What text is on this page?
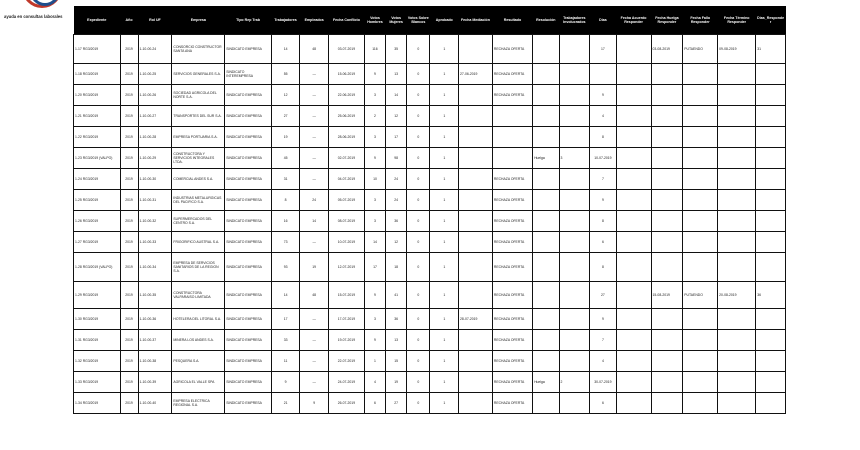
ayuda en consultas laborales
Expediente	Año	Rol UF	Empresa	Tipo Rep Trab	Trabajadores	Empleados	Fecha Conflicto	Votos Hombres	Votos Mujeres	Votos Sobre Blancos	Aprobado	Fecha Mediación	Resultado	Resolución	Trabajadores Involucrados	Días	Fecha Acuerdo Responder	Fecha Huelga Responder	Fecha Fallo Responder	Fecha Término Responder	Días_Responder
1-17 RG3/2019	2019	1-10-00-24	CONSORCIO CONSTRUCTOR SANTA ANA	SINDICATO EMPRESA	14	48	03-07-2019	116	35	0	1		RECHAZA OFERTA			17		03-08-2019	PUTAENDO	09-08-2019	31
1-18 RG3/2019	2019	1-10-00-25	SERVICIOS GENERALES S.A.	SINDICATO INTEREMPRESA	55	—	15-06-2019	9	13	0	1	27-06-2019	RECHAZA OFERTA								
1-20 RG3/2019	2019	1-10-00-26	SOCIEDAD AGRICOLA DEL NORTE S.A.	SINDICATO EMPRESA	12	—	22-06-2019	3	14	0	1		RECHAZA OFERTA			9					
1-21 RG3/2019	2019	1-10-00-27	TRANSPORTES DEL SUR S.A.	SINDICATO EMPRESA	27	—	25-06-2019	2	12	0	1					4					
1-22 RG3/2019	2019	1-10-00-28	EMPRESA PORTUARIA S.A.	SINDICATO EMPRESA	19	—	28-06-2019	3	17	0	1					8					
1-23 RG3/2019 (VALPO)	2019	1-10-00-29	CONSTRUCTORA Y SERVICIOS INTEGRALES LTDA.	SINDICATO EMPRESA	45	—	02-07-2019	9	98	0	1			Huelga	3	10-07-2019					
1-24 RG3/2019	2019	1-10-00-30	COMERCIAL ANDES S.A.	SINDICATO EMPRESA	31	—	04-07-2019	10	24	0	1		RECHAZA OFERTA			7					
1-25 RG3/2019	2019	1-10-00-31	INDUSTRIAS METALURGICAS DEL PACIFICO S.A.	SINDICATO EMPRESA	8	24	05-07-2019	3	24	0	1		RECHAZA OFERTA			9					
1-26 RG3/2019	2019	1-10-00-32	SUPERMERCADOS DEL CENTRO S.A.	SINDICATO EMPRESA	16	14	08-07-2019	3	36	0	1		RECHAZA OFERTA			8					
1-27 RG3/2019	2019	1-10-00-33	FRIGORIFICO AUSTRAL S.A.	SINDICATO EMPRESA	73	—	10-07-2019	14	12	0	1		RECHAZA OFERTA			6					
1-28 RG3/2019 (VALPO)	2019	1-10-00-34	EMPRESA DE SERVICIOS SANITARIOS DE LA REGION S.A.	SINDICATO EMPRESA	93	19	12-07-2019	17	18	0	1		RECHAZA OFERTA			8					
1-29 RG3/2019	2019	1-10-00-35	CONSTRUCTORA VALPARAISO LIMITADA	SINDICATO EMPRESA	14	48	15-07-2019	9	41	0	1		RECHAZA OFERTA			27		15-08-2019	PUTAENDO	20-08-2019	36
1-30 RG3/2019	2019	1-10-00-36	HOTELERA DEL LITORAL S.A.	SINDICATO EMPRESA	17	—	17-07-2019	3	36	0	1	28-07-2019	RECHAZA OFERTA			9					
1-31 RG3/2019	2019	1-10-00-37	MINERA LOS ANDES S.A.	SINDICATO EMPRESA	33	—	19-07-2019	9	13	0	1		RECHAZA OFERTA			7					
1-32 RG3/2019	2019	1-10-00-38	PESQUERA S.A.	SINDICATO EMPRESA	11	—	22-07-2019	1	15	0	1		RECHAZA OFERTA			4					
1-33 RG3/2019	2019	1-10-00-39	AGRICOLA EL VALLE SPA	SINDICATO EMPRESA	9	—	24-07-2019	4	19	0	1		RECHAZA OFERTA	Huelga	2	30-07-2019					
1-34 RG3/2019	2019	1-10-00-40	EMPRESA ELECTRICA REGIONAL S.A.	SINDICATO EMPRESA	21	9	26-07-2019	6	27	0	1		RECHAZA OFERTA			6					
